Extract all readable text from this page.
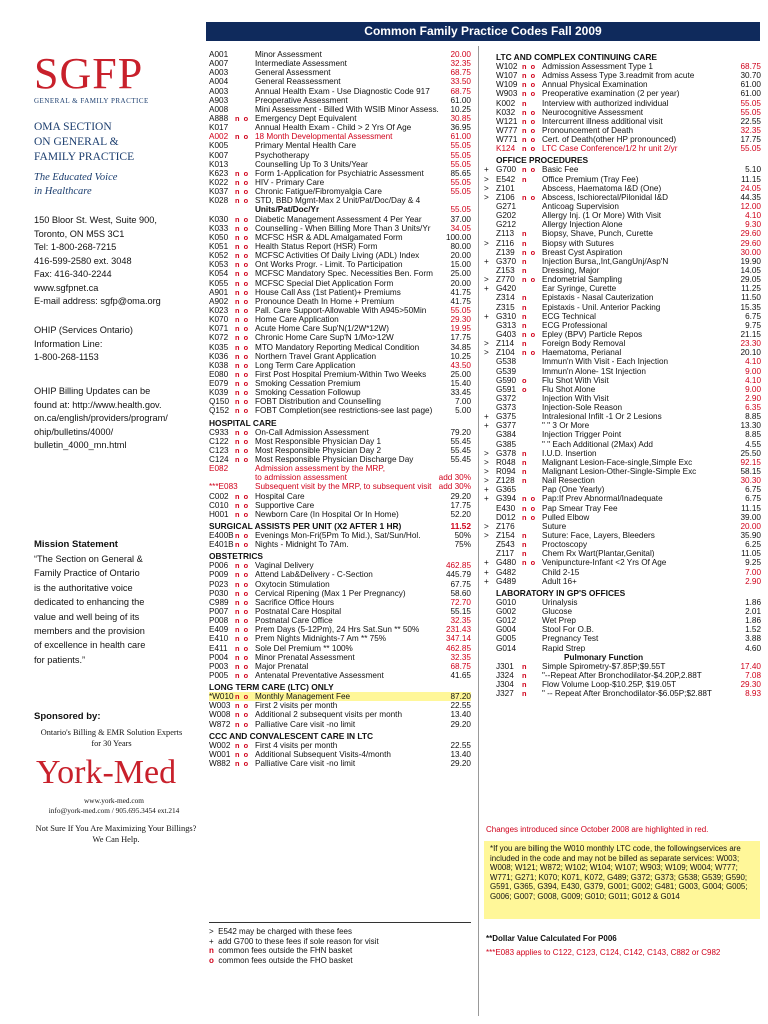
SGFP
GENERAL & FAMILY PRACTICE
OMA SECTION
ON GENERAL &
FAMILY PRACTICE
The Educated Voice
in Healthcare
150 Bloor St. West, Suite 900,
Toronto, ON M5S 3C1
Tel: 1-800-268-7215
416-599-2580 ext. 3048
Fax: 416-340-2244
www.sgfpnet.ca
E-mail address: sgfp@oma.org
OHIP (Services Ontario)
Information Line:
1-800-268-1153
OHIP Billing Updates can be
found at: http://www.health.gov.
on.ca/english/providers/program/
ohip/bulletins/4000/
bulletin_4000_mn.html
Mission Statement
“The Section on General &
Family Practice of Ontario
is the authoritative voice
dedicated to enhancing the
value and well being of its
members and the provision
of excellence in health care
for patients.”
Sponsored by:
Ontario's Billing & EMR Solution Experts
for 30 Years
York-Med
www.york-med.com
info@york-med.com / 905.695.3454 ext.214
Not Sure If You Are Maximizing Your Billings?
We Can Help.
Common Family Practice Codes Fall 2009
A001	Minor Assessment	20.00
A007	Intermediate Assessment	32.35
A003	General Assessment	68.75
A004	General Reassessment	33.50
A003	Annual Health Exam - Use Diagnostic Code 917	68.75
A903	Preoperative Assessment	61.00
A008	Mini Assessment - Billed With WSIB Minor Assess. 10.25
A888 n o Emergency Dept Equivalent	30.85
K017	Annual Health Exam - Child > 2 Yrs Of Age	36.95
A002 n o 18 Month Developmental Assessment	61.00
K005	Primary Mental Health Care	55.05
K007	Psychotherapy	55.05
K013	Counselling Up To 3 Units/Year	55.05
K623 n o Form 1-Application for Psychiatric Assessment	85.65
K022 n o HIV - Primary Care	55.05
K037 n o Chronic Fatigue/Fibromyalgia Care	55.05
K028 n o STD, BBD Mgmt-Max 2 Unit/Pat/Doc/Day & 4
Units/Pat/Doc/Yr	55.05
K030 n o Diabetic Management Assessment 4 Per Year	37.00
K033 n o Counselling - When Billing More Than 3 Units/Yr 34.05
K050 n o MCFSC HSR & ADL Amalgamated Form	100.00
K051 n o Health Status Report (HSR) Form	80.00
K052 n o MCFSC Activities Of Daily Living (ADL) Index	20.00
K053 n o Ont Works Progr. - Limit. To Participation	15.00
K054 n o MCFSC Mandatory Spec. Necessities Ben. Form 25.00
K055 n o MCFSC Special Diet Application Form	20.00
A901 n o House Call Ass (1st Patient)+ Premiums	41.75
A902 n o Pronounce Death In Home + Premium	41.75
K023 n o Pall. Care Support-Allowable With A945>50Min	55.05
K070 n o Home Care Application	29.30
K071 n o Acute Home Care Sup'N(1/2W*12W)	19.95
K072 n o Chronic Home Care Sup'N 1/Mo>12W	17.75
K035 n o MTO Mandatory Reporting Medical Condition	34.85
K036 n o Northern Travel Grant Application	10.25
K038 n o Long Term Care Application	43.50
E080 n o First Post Hospital Premium-Within Two Weeks	25.00
E079 n o Smoking Cessation Premium	15.40
K039 n o Smoking Cessation Followup	33.45
Q150 n o FOBT Distribution and Counselling	7.00
Q152 n o FOBT Completion(see restrictions-see last page)	5.00
HOSPITAL CARE
C933 n o On-Call Admission Assessment	79.20
C122 n o Most Responsible Physician Day 1	55.45
C123 n o Most Responsible Physician Day 2	55.45
C124 n o Most Responsible Physician Discharge Day	55.45
E082	Admission assessment by the MRP,
to admission assessment	add 30%
***E083 Subsequent visit by the MRP, to subsequent visit add 30%
C002 n o Hospital Care	29.20
C010 n o Supportive Care	17.75
H001 n o Newborn Care (In Hospital Or In Home)	52.20
SURGICAL ASSISTS PER UNIT (X2 AFTER 1 HR)	11.52
E400B n o Evenings Mon-Fri(5Pm To Mid.), Sat/Sun/Hol.	50%
E401B n o Nights - Midnight To 7Am.	75%
OBSTETRICS
P006 n o Vaginal Delivery	462.85
P009 n o Attend Lab&Delivery - C-Section	445.79
P023 n o Oxytocin Stimulation	67.75
P030 n o Cervical Ripening (Max 1 Per Pregnancy)	58.60
C989 n o Sacrifice Office Hours	72.70
P007 n o Postnatal Care Hospital	55.15
P008 n o Postnatal Care Office	32.35
E409 n o Prem Days (5-12Pm), 24 Hrs Sat.Sun ** 50%	231.43
E410 n o Prem Nights Midnights-7 Am ** 75%	347.14
E411 n o Sole Del Premium ** 100%	462.85
P004 n o Minor Prenatal Assessment	32.35
P003 n o Major Prenatal	68.75
P005 n o Antenatal Preventative Assessment	41.65
LONG TERM CARE (LTC) ONLY
*W010 n o Monthly Management Fee	87.20
W003 n o First 2 visits per month	22.55
W008 n o Additional 2 subsequent visits per month	13.40
W872 n o Palliative Care visit -no limit	29.20
CCC AND CONVALESCENT CARE IN LTC
W002 n o First 4 visits per month	22.55
W001 n o Additional Subsequent Visits-4/month	13.40
W882 n o Palliative Care visit -no limit	29.20
LTC AND COMPLEX CONTINUING CARE
W102 n o Admission Assessment Type 1	68.75
W107 n o Admiss Assess Type 3.readmit from acute	30.70
W109 n o Annual Physical Examination	61.00
W903 n o Preoperative examination (2 per year)	61.00
K002 n Interview with authorized individual	55.05
K032 n o Neurocognitive Assessment	55.05
W121 n o Intercurrent illness additional visit	22.55
W777 n o Pronouncement of Death	32.35
W771 n o Cert. of Death(other HP pronounced)	17.75
K124 n o LTC Case Conference/1/2 hr unit 2/yr	55.05
OFFICE PROCEDURES
+ G700 n o Basic Fee	5.10
> E542 n Office Premium (Tray Fee)	11.15
> Z101	Abscess, Haematoma I&D (One)	24.05
> Z106 n o Abscess, Ischiorectal/Pilonidal I&D	44.35
G271	Anticoag Supervision	12.00
G202	Allergy Inj. (1 Or More) With Visit	4.10
G212	Allergy Injection Alone	9.30
Z113 n Biopsy, Shave, Punch, Curette	29.60
> Z116 n Biopsy with Sutures	29.60
Z139 n o Breast Cyst Aspiration	30.00
+ G370 n Injection Bursa,,Int,GangUnj/Asp'N	19.90
Z153 n Dressing, Major	14.05
> Z770 n o Endometrial Sampling	29.05
+ G420	Ear Syringe, Curette	11.25
Z314 n Epistaxis - Nasal Cauterization	11.50
Z315 n Epistaxis - Unil. Anterior Packing	15.35
+ G310 n ECG Technical	6.75
G313 n ECG Professional	9.75
G403 n o Epley (BPV) Particle Repos	21.15
> Z114 n Foreign Body Removal	23.30
> Z104 n o Haematoma, Perianal	20.10
G538	Immun'n With Visit - Each Injection	4.10
G539	Immun'n Alone- 1St Injection	9.00
G590 o Flu Shot With Visit	4.10
G591 o Flu Shot Alone	9.00
G372	Injection With Visit	2.90
G373	Injection-Sole Reason	6.35
+ G375	Intralesional Infilt -1 Or 2 Lesions	8.85
+ G377	" " 3 Or More	13.30
G384	Injection Trigger Point	8.85
G385	" " Each Additional (2Max) Add	4.55
> G378 n I.U.D. Insertion	25.50
> R048 n Malignant Lesion-Face-single,Simple Exc	92.15
> R094 n Malignant Lesion-Other-Single-Simple Exc	58.15
> Z128 n Nail Resection	30.30
+ G365	Pap (One Yearly)	6.75
+ G394 n o Pap:If Prev Abnormal/Inadequate	6.75
E430 n o Pap Smear Tray Fee	11.15
D012 n o Pulled Elbow	39.00
> Z176	Suture	20.00
> Z154 n Suture: Face, Layers, Bleeders	35.90
Z543 n Proctoscopy	6.25
Z117 n Chem Rx Wart(Plantar,Genital)	11.05
+ G480 n o Venipuncture-Infant <2 Yrs Of Age	9.25
+ G482	Child 2-15	7.00
+ G489	Adult 16+	2.90
LABORATORY IN GP'S OFFICES
G010	Urinalysis	1.86
G002	Glucose	2.01
G012	Wet Prep	1.86
G004	Stool For O.B.	1.52
G005	Pregnancy Test	3.88
G014	Rapid Strep	4.60
Pulmonary Function
J301 n Simple Spirometry-$7.85P;$9.55T	17.40
J324 n "--Repeat After Bronchodilator-$4.20P,2.88T	7.08
J304 n Flow Volume Loop-$10.25P, $19.05T	29.30
J327 n " -- Repeat After Bronchodilator-$6.05P;$2.88T	8.93
Changes introduced since October 2008 are highlighted in red.
*If you are billing the W010 monthly LTC code, the followingservices are included in the code and may not be billed as separate services: W003; W008; W121; W872; W102; W104; W107; W903; W109; W004; W777; W771; G271; K070; K071, K072, G489; G372; G373; G538; G539; G590; G591, G365, G394, E430, G379, G001; G002; G481; G003, G004; G005; G006; G007; G008, G009; G010; G011; G012 & G014
**Dollar Value Calculated For P006
***E083 applies to C122, C123, C124, C142, C143, C882 or C982
> E542 may be charged with these fees
+ add G700 to these fees if sole reason for visit
n common fees outside the FHN basket
o common fees outside the FHO basket
